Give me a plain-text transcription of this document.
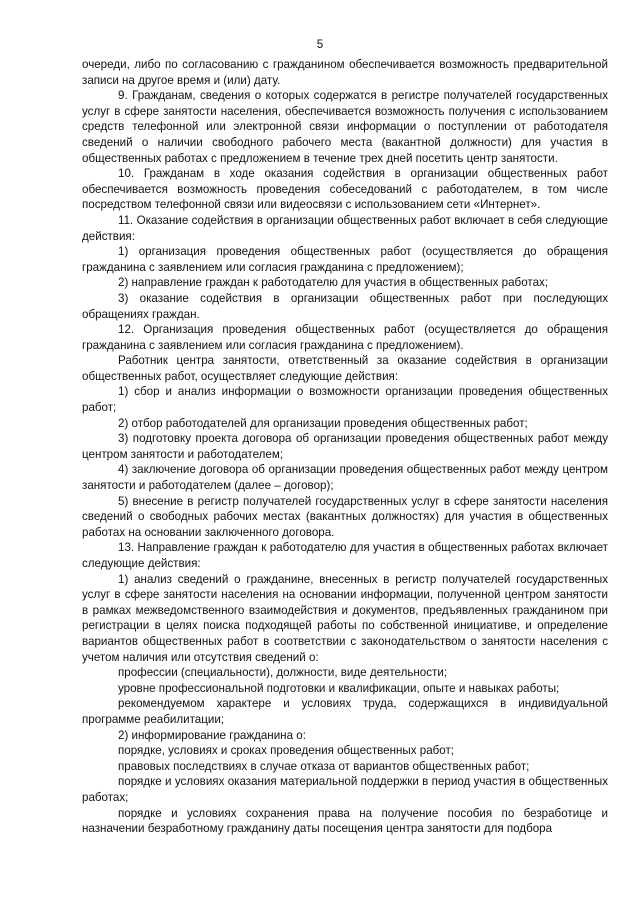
5

очереди, либо по согласованию с гражданином обеспечивается возможность предварительной записи на другое время и (или) дату.

9. Гражданам, сведения о которых содержатся в регистре получателей государственных услуг в сфере занятости населения, обеспечивается возможность получения с использованием средств телефонной или электронной связи информации о поступлении от работодателя сведений о наличии свободного рабочего места (вакантной должности) для участия в общественных работах с предложением в течение трех дней посетить центр занятости.

10. Гражданам в ходе оказания содействия в организации общественных работ обеспечивается возможность проведения собеседований с работодателем, в том числе посредством телефонной связи или видеосвязи с использованием сети «Интернет».

11. Оказание содействия в организации общественных работ включает в себя следующие действия:

1) организация проведения общественных работ (осуществляется до обращения гражданина с заявлением или согласия гражданина с предложением);

2) направление граждан к работодателю для участия в общественных работах;

3) оказание содействия в организации общественных работ при последующих обращениях граждан.

12. Организация проведения общественных работ (осуществляется до обращения гражданина с заявлением или согласия гражданина с предложением).

Работник центра занятости, ответственный за оказание содействия в организации общественных работ, осуществляет следующие действия:

1) сбор и анализ информации о возможности организации проведения общественных работ;

2) отбор работодателей для организации проведения общественных работ;

3) подготовку проекта договора об организации проведения общественных работ между центром занятости и работодателем;

4) заключение договора об организации проведения общественных работ между центром занятости и работодателем (далее – договор);

5) внесение в регистр получателей государственных услуг в сфере занятости населения сведений о свободных рабочих местах (вакантных должностях) для участия в общественных работах на основании заключенного договора.

13. Направление граждан к работодателю для участия в общественных работах включает следующие действия:

1) анализ сведений о гражданине, внесенных в регистр получателей государственных услуг в сфере занятости населения на основании информации, полученной центром занятости в рамках межведомственного взаимодействия и документов, предъявленных гражданином при регистрации в целях поиска подходящей работы по собственной инициативе, и определение вариантов общественных работ в соответствии с законодательством о занятости населения с учетом наличия или отсутствия сведений о:

профессии (специальности), должности, виде деятельности;

уровне профессиональной подготовки и квалификации, опыте и навыках работы;

рекомендуемом характере и условиях труда, содержащихся в индивидуальной программе реабилитации;

2) информирование гражданина о:

порядке, условиях и сроках проведения общественных работ;

правовых последствиях в случае отказа от вариантов общественных работ;

порядке и условиях оказания материальной поддержки в период участия в общественных работах;

порядке и условиях сохранения права на получение пособия по безработице и назначении безработному гражданину даты посещения центра занятости для подбора
